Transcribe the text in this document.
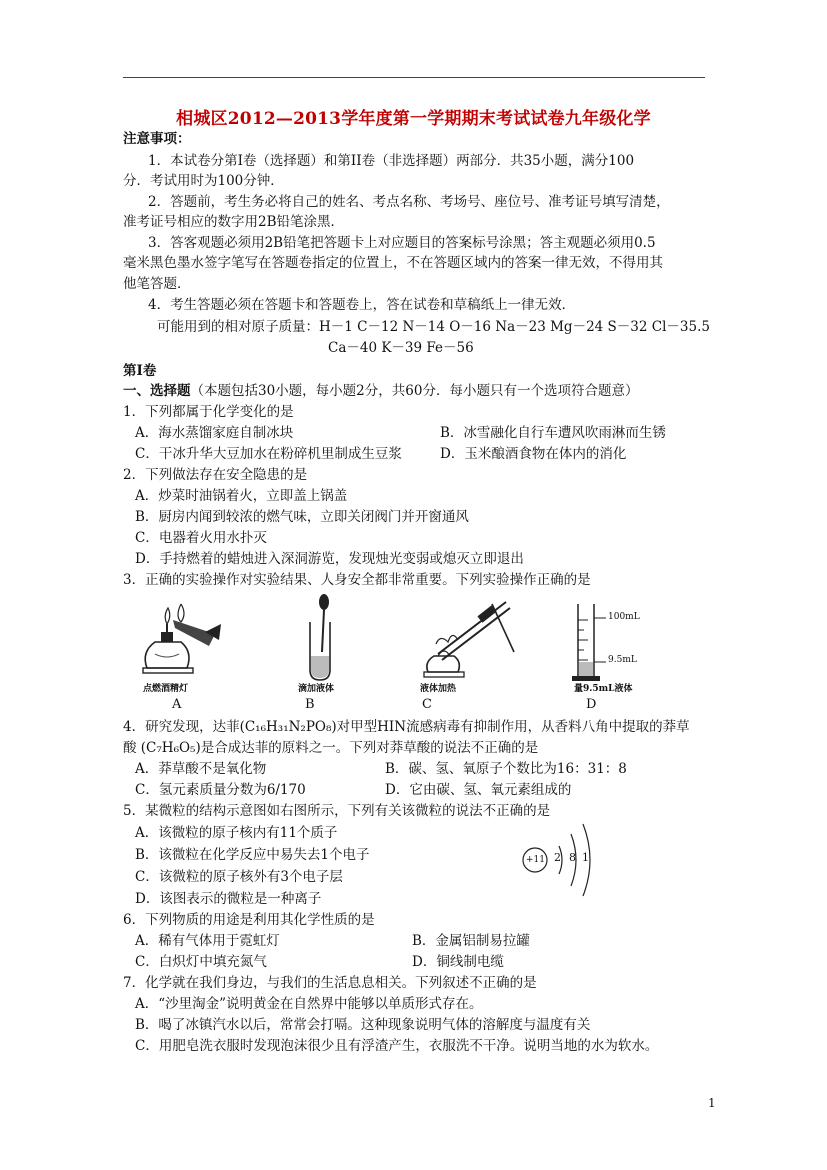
相城区2012—2013学年度第一学期期末考试试卷九年级化学
注意事项：
1．本试卷分第Ⅰ卷（选择题）和第II卷（非选择题）两部分．共35小题，满分100
分．考试用时为100分钟．
2．答题前，考生务必将自己的姓名、考点名称、考场号、座位号、准考证号填写清楚，
准考证号相应的数字用2B铅笔涂黑．
3．答客观题必须用2B铅笔把答题卡上对应题目的答案标号涂黑；答主观题必须用0.5
毫米黑色墨水签字笔写在答题卷指定的位置上，不在答题区域内的答案一律无效，不得用其
他笔答题．
4．考生答题必须在答题卡和答题卷上，答在试卷和草稿纸上一律无效．
可能用到的相对原子质量：H－1 C－12 N－14 O－16 Na－23 Mg－24 S－32 Cl－35.5
Ca－40 K－39 Fe－56
第Ⅰ卷
一、选择题（本题包括30小题，每小题2分，共60分．每小题只有一个选项符合题意）
1．下列都属于化学变化的是
A．海水蒸馏家庭自制冰块	B．冰雪融化自行车遭风吹雨淋而生锈
C．干冰升华大豆加水在粉碎机里制成生豆浆	D．玉米酿酒食物在体内的消化
2．下列做法存在安全隐患的是
A．炒菜时油锅着火，立即盖上锅盖
B．厨房内闻到较浓的燃气味，立即关闭阀门并开窗通风
C．电器着火用水扑灭
D．手持燃着的蜡烛进入深洞游览，发现烛光变弱或熄灭立即退出
3．正确的实验操作对实验结果、人身安全都非常重要。下列实验操作正确的是
点燃酒精灯
A
滴加液体
B
液体加热
C
100mL
9.5mL
量9.5mL液体
D
4．研究发现，达菲(C₁₆H₃₁N₂PO₈)对甲型HIN流感病毒有抑制作用，从香料八角中提取的莽草
酸 (C₇H₆O₅)是合成达菲的原料之一。下列对莽草酸的说法不正确的是
A．莽草酸不是氧化物	B．碳、氢、氧原子个数比为16：31：8
C．氢元素质量分数为6/170	D．它由碳、氢、氧元素组成的
5．某微粒的结构示意图如右图所示，下列有关该微粒的说法不正确的是
A．该微粒的原子核内有11个质子
B．该微粒在化学反应中易失去1个电子
C．该微粒的原子核外有3个电子层
D．该图表示的微粒是一种离子
+11 2 8 1
6．下列物质的用途是利用其化学性质的是
A．稀有气体用于霓虹灯	B．金属铝制易拉罐
C．白炽灯中填充氮气	D．铜线制电缆
7．化学就在我们身边，与我们的生活息息相关。下列叙述不正确的是
A．“沙里淘金”说明黄金在自然界中能够以单质形式存在。
B．喝了冰镇汽水以后，常常会打嗝。这种现象说明气体的溶解度与温度有关
C．用肥皂洗衣服时发现泡沫很少且有浮渣产生，衣服洗不干净。说明当地的水为软水。
1
